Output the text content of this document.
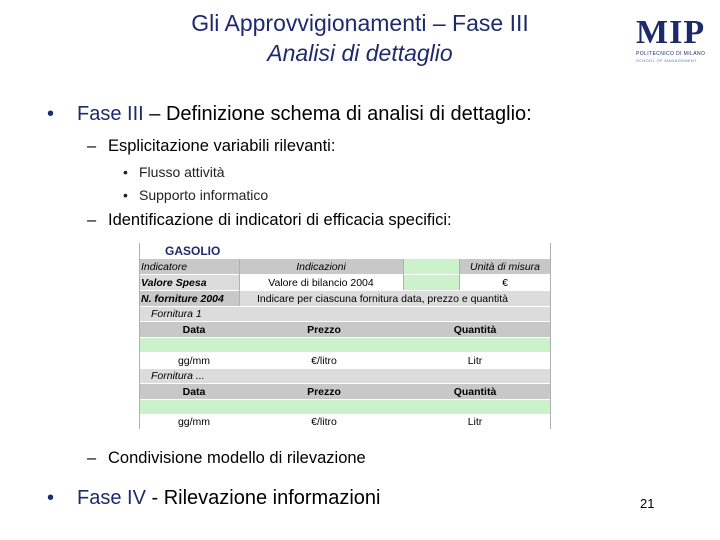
Gli Approvvigionamenti – Fase III
Analisi di dettaglio
MIP
POLITECNICO DI MILANO
SCHOOL OF MANAGEMENT
• Fase III – Definizione schema di analisi di dettaglio:
– Esplicitazione variabili rilevanti:
• Flusso attività
• Supporto informatico
– Identificazione di indicatori di efficacia specifici:
GASOLIO
Indicatore	Indicazioni	Unità di misura
Valore Spesa	Valore di bilancio 2004	€
N. forniture 2004	Indicare per ciascuna fornitura data, prezzo e quantità
Fornitura 1
Data	Prezzo	Quantità
gg/mm	€/litro	Litr
Fornitura ...
Data	Prezzo	Quantità
gg/mm	€/litro	Litr
– Condivisione modello di rilevazione
• Fase IV - Rilevazione informazioni	21
